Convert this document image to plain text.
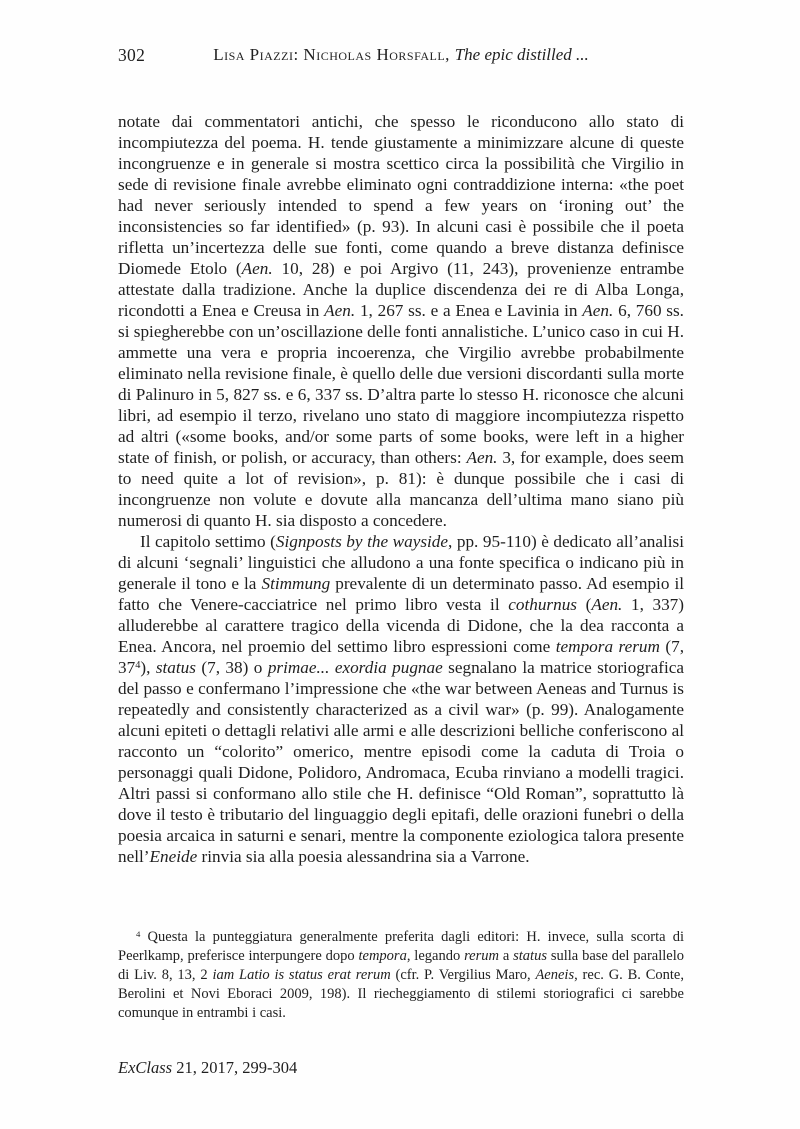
302	Lisa Piazzi: Nicholas Horsfall, The epic distilled ...

notate dai commentatori antichi, che spesso le riconducono allo stato di incompiutezza del poema. H. tende giustamente a minimizzare alcune di queste incongruenze e in generale si mostra scettico circa la possibilità che Virgilio in sede di revisione finale avrebbe eliminato ogni contraddizione interna: «the poet had never seriously intended to spend a few years on ‘ironing out’ the inconsistencies so far identified» (p. 93). In alcuni casi è possibile che il poeta rifletta un’incertezza delle sue fonti, come quando a breve distanza definisce Diomede Etolo (Aen. 10, 28) e poi Argivo (11, 243), provenienze entrambe attestate dalla tradizione. Anche la duplice discendenza dei re di Alba Longa, ricondotti a Enea e Creusa in Aen. 1, 267 ss. e a Enea e Lavinia in Aen. 6, 760 ss. si spiegherebbe con un’oscillazione delle fonti annalistiche. L’unico caso in cui H. ammette una vera e propria incoerenza, che Virgilio avrebbe probabilmente eliminato nella revisione finale, è quello delle due versioni discordanti sulla morte di Palinuro in 5, 827 ss. e 6, 337 ss. D’altra parte lo stesso H. riconosce che alcuni libri, ad esempio il terzo, rivelano uno stato di maggiore incompiutezza rispetto ad altri («some books, and/or some parts of some books, were left in a higher state of finish, or polish, or accuracy, than others: Aen. 3, for example, does seem to need quite a lot of revision», p. 81): è dunque possibile che i casi di incongruenze non volute e dovute alla mancanza dell’ultima mano siano più numerosi di quanto H. sia disposto a concedere.

Il capitolo settimo (Signposts by the wayside, pp. 95-110) è dedicato all’analisi di alcuni ‘segnali’ linguistici che alludono a una fonte specifica o indicano più in generale il tono e la Stimmung prevalente di un determinato passo. Ad esempio il fatto che Venere-cacciatrice nel primo libro vesta il cothurnus (Aen. 1, 337) alluderebbe al carattere tragico della vicenda di Didone, che la dea racconta a Enea. Ancora, nel proemio del settimo libro espressioni come tempora rerum (7, $37^4$), status (7, 38) o primae... exordia pugnae segnalano la matrice storiografica del passo e confermano l’impressione che «the war between Aeneas and Turnus is repeatedly and consistently characterized as a civil war» (p. 99). Analogamente alcuni epiteti o dettagli relativi alle armi e alle descrizioni belliche conferiscono al racconto un “colorito” omerico, mentre episodi come la caduta di Troia o personaggi quali Didone, Polidoro, Andromaca, Ecuba rinviano a modelli tragici. Altri passi si conformano allo stile che H. definisce “Old Roman”, soprattutto là dove il testo è tributario del linguaggio degli epitafi, delle orazioni funebri o della poesia arcaica in saturni e senari, mentre la componente eziologica talora presente nell’Eneide rinvia sia alla poesia alessandrina sia a Varrone.

$^4$ Questa la punteggiatura generalmente preferita dagli editori: H. invece, sulla scorta di Peerlkamp, preferisce interpungere dopo tempora, legando rerum a status sulla base del parallelo di Liv. 8, 13, 2 iam Latio is status erat rerum (cfr. P. Vergilius Maro, Aeneis, rec. G. B. Conte, Berolini et Novi Eboraci 2009, 198). Il riecheggiamento di stilemi storiografici ci sarebbe comunque in entrambi i casi.

ExClass 21, 2017, 299-304
